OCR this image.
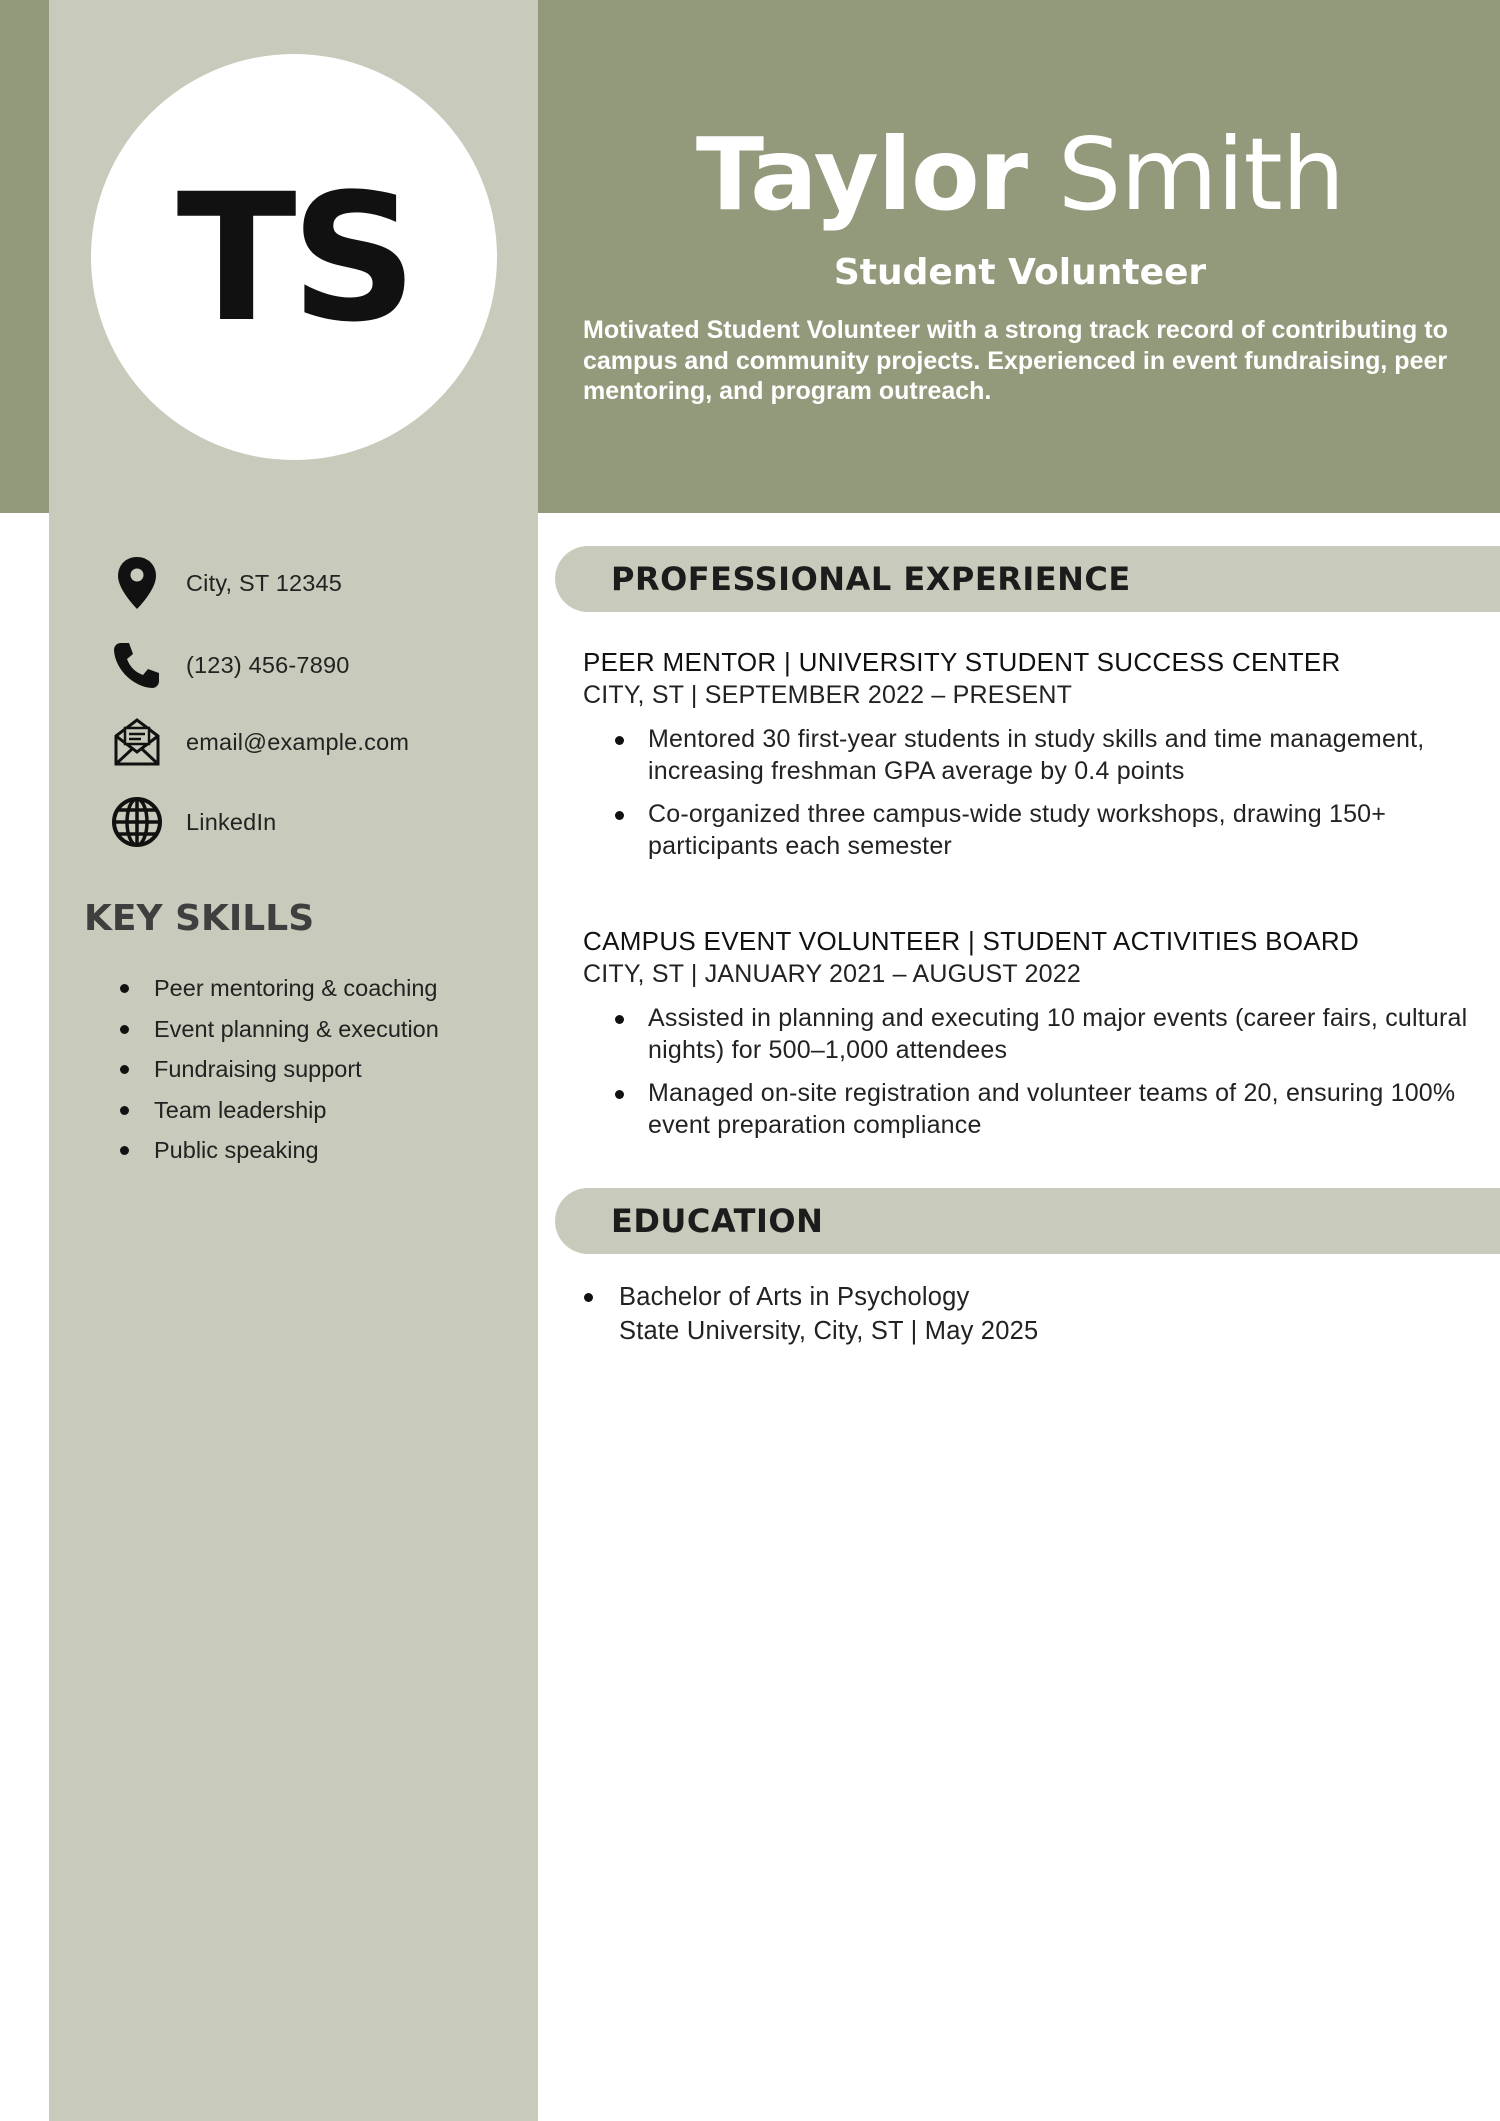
TS	Taylor Smith
Student Volunteer
Motivated Student Volunteer with a strong track record of contributing to campus and community projects. Experienced in event fundraising, peer mentoring, and program outreach.
City, ST 12345
(123) 456-7890
email@example.com
LinkedIn
KEY SKILLS
Peer mentoring & coaching
Event planning & execution
Fundraising support
Team leadership
Public speaking
PROFESSIONAL EXPERIENCE
PEER MENTOR | UNIVERSITY STUDENT SUCCESS CENTER
CITY, ST | SEPTEMBER 2022 – PRESENT
Mentored 30 first-year students in study skills and time management, increasing freshman GPA average by 0.4 points
Co-organized three campus-wide study workshops, drawing 150+ participants each semester
CAMPUS EVENT VOLUNTEER | STUDENT ACTIVITIES BOARD
CITY, ST | JANUARY 2021 – AUGUST 2022
Assisted in planning and executing 10 major events (career fairs, cultural nights) for 500–1,000 attendees
Managed on-site registration and volunteer teams of 20, ensuring 100% event preparation compliance
EDUCATION
Bachelor of Arts in Psychology
State University, City, ST | May 2025
